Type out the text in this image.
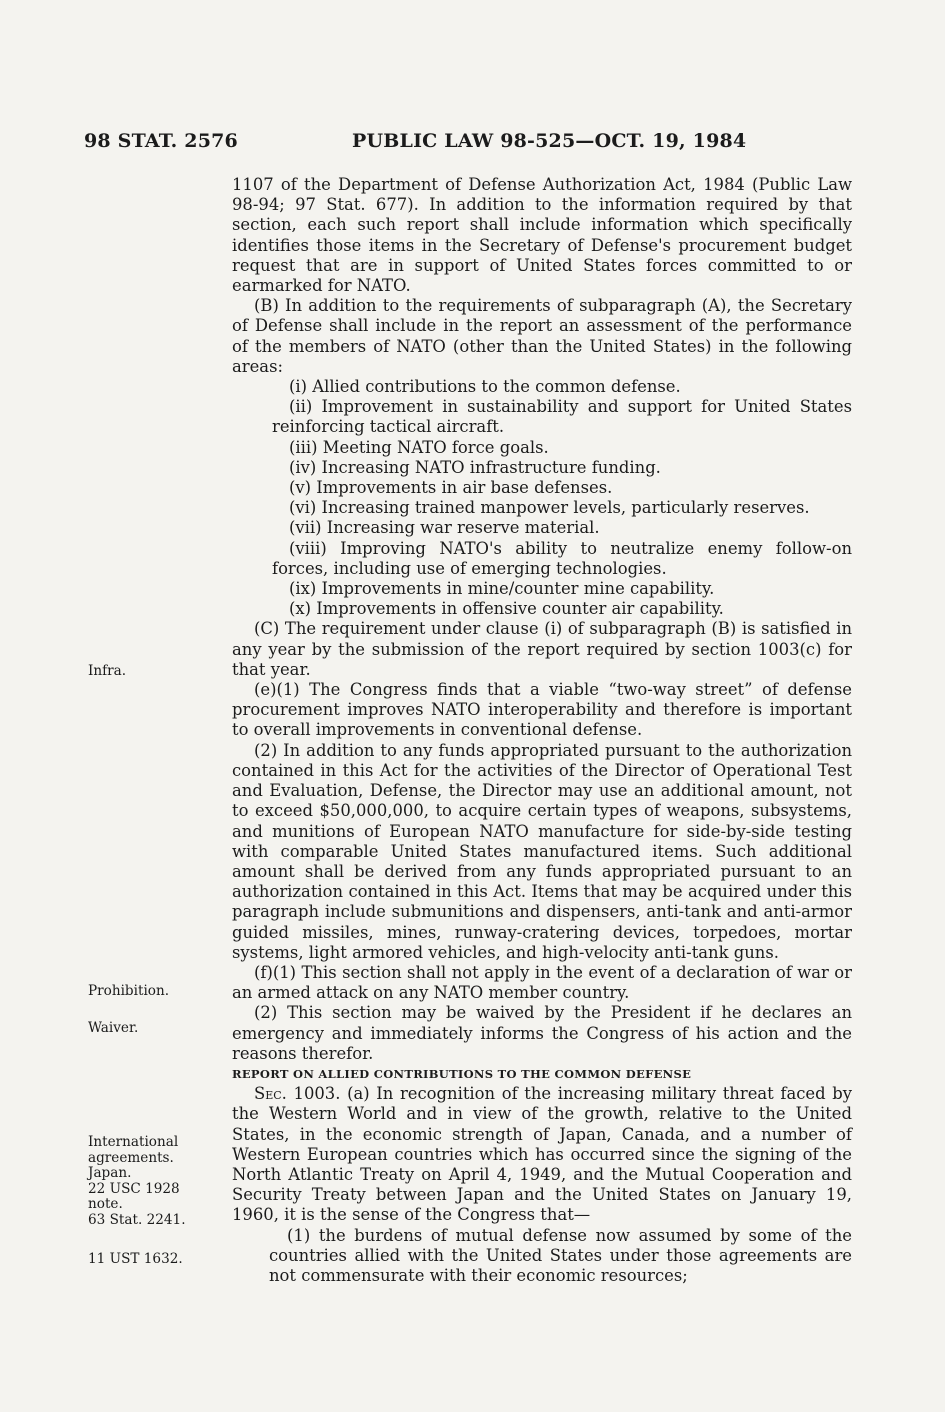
98 STAT. 2576	PUBLIC LAW 98-525—OCT. 19, 1984
Infra.
Prohibition.
Waiver.
International
agreements.
Japan.
22 USC 1928
note.
63 Stat. 2241.
11 UST 1632.

1107 of the Department of Defense Authorization Act, 1984 (Public Law 98-94; 97 Stat. 677). In addition to the information required by that section, each such report shall include information which specifically identifies those items in the Secretary of Defense's procurement budget request that are in support of United States forces committed to or earmarked for NATO.

(B) In addition to the requirements of subparagraph (A), the Secretary of Defense shall include in the report an assessment of the performance of the members of NATO (other than the United States) in the following areas:

(i) Allied contributions to the common defense.

(ii) Improvement in sustainability and support for United States reinforcing tactical aircraft.

(iii) Meeting NATO force goals.

(iv) Increasing NATO infrastructure funding.

(v) Improvements in air base defenses.

(vi) Increasing trained manpower levels, particularly reserves.

(vii) Increasing war reserve material.

(viii) Improving NATO's ability to neutralize enemy follow-on forces, including use of emerging technologies.

(ix) Improvements in mine/counter mine capability.

(x) Improvements in offensive counter air capability.

(C) The requirement under clause (i) of subparagraph (B) is satisfied in any year by the submission of the report required by section 1003(c) for that year.

(e)(1) The Congress finds that a viable “two-way street” of defense procurement improves NATO interoperability and therefore is important to overall improvements in conventional defense.

(2) In addition to any funds appropriated pursuant to the authorization contained in this Act for the activities of the Director of Operational Test and Evaluation, Defense, the Director may use an additional amount, not to exceed $50,000,000, to acquire certain types of weapons, subsystems, and munitions of European NATO manufacture for side-by-side testing with comparable United States manufactured items. Such additional amount shall be derived from any funds appropriated pursuant to an authorization contained in this Act. Items that may be acquired under this paragraph include submunitions and dispensers, anti-tank and anti-armor guided missiles, mines, runway-cratering devices, torpedoes, mortar systems, light armored vehicles, and high-velocity anti-tank guns.

(f)(1) This section shall not apply in the event of a declaration of war or an armed attack on any NATO member country.

(2) This section may be waived by the President if he declares an emergency and immediately informs the Congress of his action and the reasons therefor.

REPORT ON ALLIED CONTRIBUTIONS TO THE COMMON DEFENSE

Sec. 1003. (a) In recognition of the increasing military threat faced by the Western World and in view of the growth, relative to the United States, in the economic strength of Japan, Canada, and a number of Western European countries which has occurred since the signing of the North Atlantic Treaty on April 4, 1949, and the Mutual Cooperation and Security Treaty between Japan and the United States on January 19, 1960, it is the sense of the Congress that—

(1) the burdens of mutual defense now assumed by some of the countries allied with the United States under those agreements are not commensurate with their economic resources;
